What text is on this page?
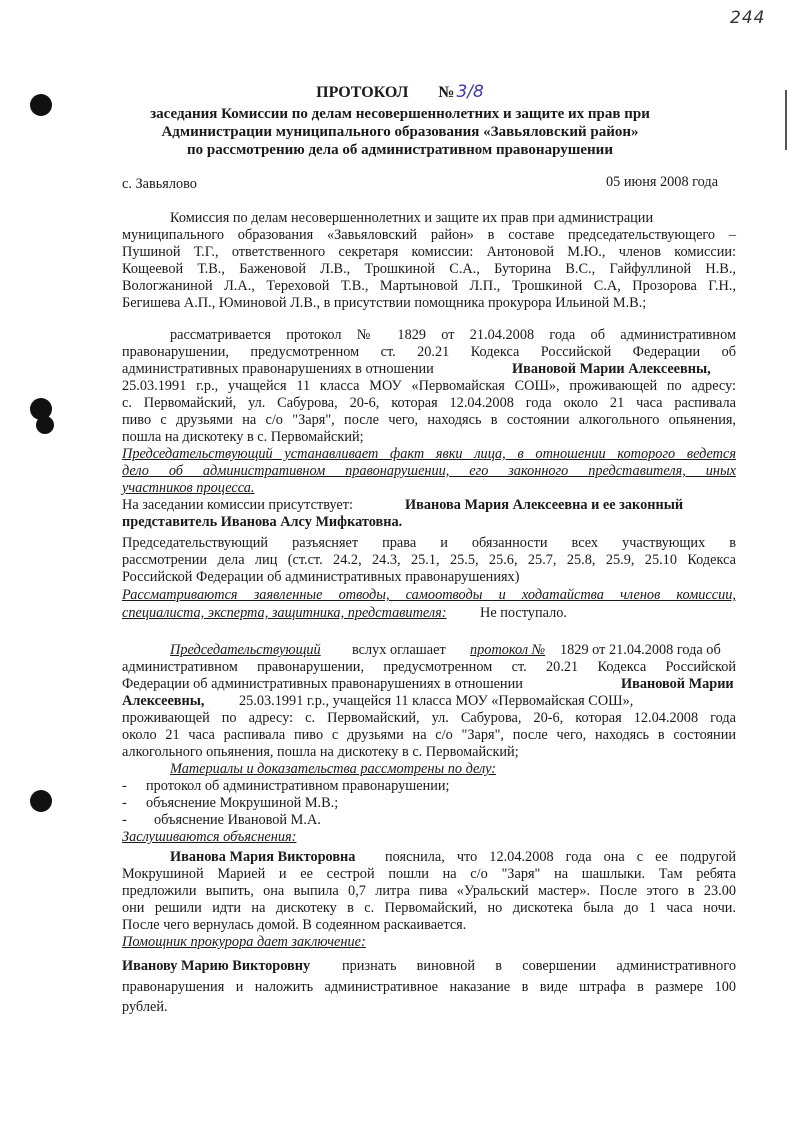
244
ПРОТОКОЛ № 3/8
заседания Комиссии по делам несовершеннолетних и защите их прав при
Администрации муниципального образования «Завьяловский район»
по рассмотрению дела об административном правонарушении
с. Завьялово	05 июня 2008 года
Комиссия по делам несовершеннолетних и защите их прав при администрации
муниципального образования «Завьяловский район» в составе председательствующего –
Пушиной Т.Г., ответственного секретаря комиссии: Антоновой М.Ю., членов комиссии:
Кощеевой Т.В., Баженовой Л.В., Трошкиной С.А., Буторина В.С., Гайфуллиной Н.В.,
Вологжаниной Л.А., Тереховой Т.В., Мартыновой Л.П., Трошкиной С.А, Прозорова Г.Н.,
Бегишева А.П., Юминовой Л.В., в присутствии помощника прокурора Ильиной М.В.;
рассматривается протокол № 1829 от 21.04.2008 года об административном
правонарушении, предусмотренном ст. 20.21 Кодекса Российской Федерации об
административных правонарушениях в отношении	Ивановой Марии Алексеевны,
25.03.1991 г.р., учащейся 11 класса МОУ «Первомайская СОШ», проживающей по адресу:
с. Первомайский, ул. Сабурова, 20-6, которая 12.04.2008 года около 21 часа распивала
пиво с друзьями на с/о "Заря", после чего, находясь в состоянии алкогольного опьянения,
пошла на дискотеку в с. Первомайский;
Председательствующий устанавливает факт явки лица, в отношении которого ведется
дело об административном правонарушении, его законного представителя, иных
участников процесса.
На заседании комиссии присутствует:	Иванова Мария Алексеевна и ее законный
представитель Иванова Алсу Мифкатовна.
Председательствующий разъясняет права и обязанности всех участвующих в
рассмотрении дела лиц (ст.ст. 24.2, 24.3, 25.1, 25.5, 25.6, 25.7, 25.8, 25.9, 25.10 Кодекса
Российской Федерации об административных правонарушениях)
Рассматриваются заявленные отводы, самоотводы и ходатайства членов комиссии,
специалиста, эксперта, защитника, представителя: Не поступало.
Председательствующий вслух оглашает протокол № 1829 от 21.04.2008 года об
административном правонарушении, предусмотренном ст. 20.21 Кодекса Российской
Федерации об административных правонарушениях в отношении	Ивановой Марии
Алексеевны, 25.03.1991 г.р., учащейся 11 класса МОУ «Первомайская СОШ»,
проживающей по адресу: с. Первомайский, ул. Сабурова, 20-6, которая 12.04.2008 года
около 21 часа распивала пиво с друзьями на с/о "Заря", после чего, находясь в состоянии
алкогольного опьянения, пошла на дискотеку в с. Первомайский;
Материалы и доказательства рассмотрены по делу:
- протокол об административном правонарушении;
- объяснение Мокрушиной М.В.;
- объяснение Ивановой М.А.
Заслушиваются объяснения:
Иванова Мария Викторовна пояснила, что 12.04.2008 года она с ее подругой
Мокрушиной Марией и ее сестрой пошли на с/о "Заря" на шашлыки. Там ребята
предложили выпить, она выпила 0,7 литра пива «Уральский мастер». После этого в 23.00
они решили идти на дискотеку в с. Первомайский, но дискотека была до 1 часа ночи.
После чего вернулась домой. В содеянном раскаивается.
Помощник прокурора дает заключение:
Иванову Марию Викторовну признать виновной в совершении административного
правонарушения и наложить административное наказание в виде штрафа в размере 100
рублей.
